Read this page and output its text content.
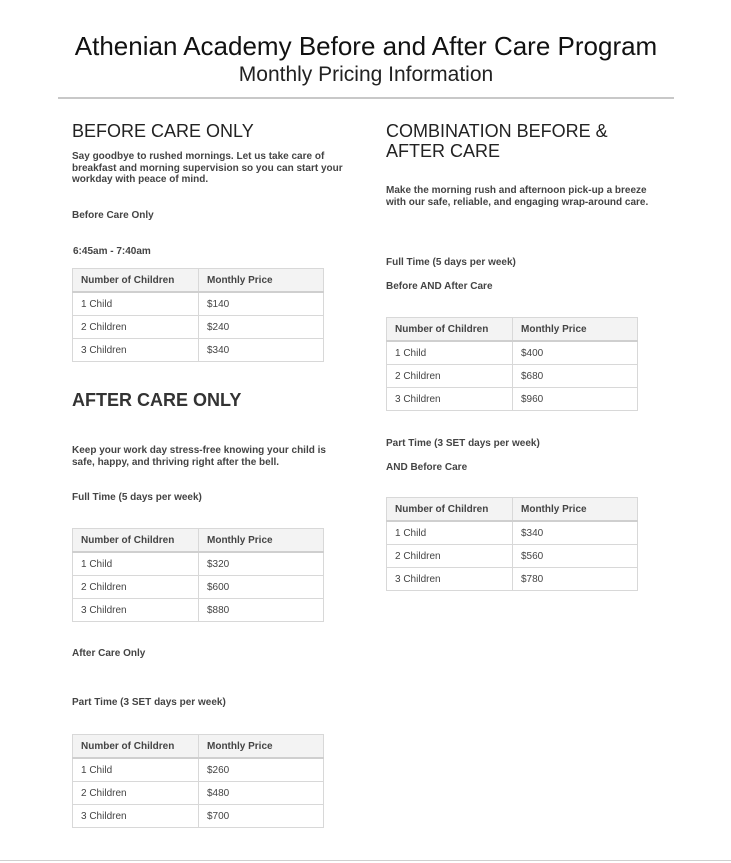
Athenian Academy Before and After Care Program
Monthly Pricing Information
BEFORE CARE ONLY
Say goodbye to rushed mornings. Let us take care of breakfast and morning supervision so you can start your workday with peace of mind.
Before Care Only
6:45am - 7:40am
Number of Children	Monthly Price
1 Child	$140
2 Children	$240
3 Children	$340
AFTER CARE ONLY
Keep your work day stress-free knowing your child is safe, happy, and thriving right after the bell.
Full Time (5 days per week)
Number of Children	Monthly Price
1 Child	$320
2 Children	$600
3 Children	$880
After Care Only
Part Time (3 SET days per week)
Number of Children	Monthly Price
1 Child	$260
2 Children	$480
3 Children	$700
COMBINATION BEFORE &
AFTER CARE
Make the morning rush and afternoon pick-up a breeze with our safe, reliable, and engaging wrap-around care.
Full Time (5 days per week)
Before AND After Care
Number of Children	Monthly Price
1 Child	$400
2 Children	$680
3 Children	$960
Part Time (3 SET days per week)
AND Before Care
Number of Children	Monthly Price
1 Child	$340
2 Children	$560
3 Children	$780
